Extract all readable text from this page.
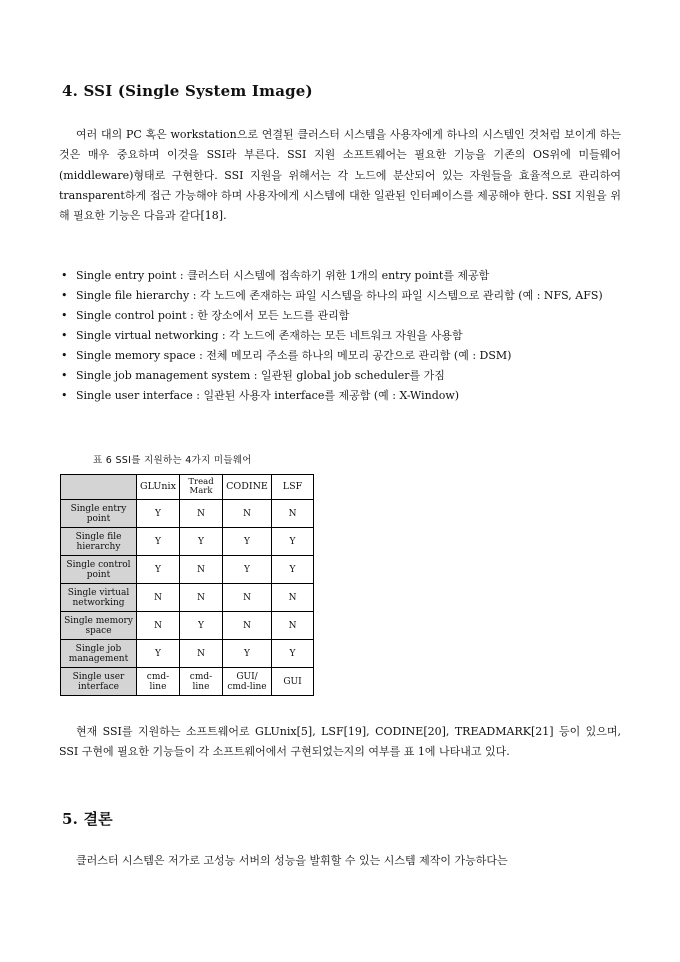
4. SSI (Single System Image)

여러 대의 PC 혹은 workstation으로 연결된 클러스터 시스템을 사용자에게 하나의 시스템인 것처럼 보이게 하는 것은 매우 중요하며 이것을 SSI라 부른다. SSI 지원 소프트웨어는 필요한 기능을 기존의 OS위에 미들웨어(middleware)형태로 구현한다. SSI 지원을 위해서는 각 노드에 분산되어 있는 자원들을 효율적으로 관리하여 transparent하게 접근 가능해야 하며 사용자에게 시스템에 대한 일관된 인터페이스를 제공해야 한다. SSI 지원을 위해 필요한 기능은 다음과 같다[18].

• Single entry point : 클러스터 시스템에 접속하기 위한 1개의 entry point를 제공함
• Single file hierarchy : 각 노드에 존재하는 파일 시스템을 하나의 파일 시스템으로 관리함 (예 : NFS, AFS)
• Single control point : 한 장소에서 모든 노드를 관리함
• Single virtual networking : 각 노드에 존재하는 모든 네트워크 자원을 사용함
• Single memory space : 전체 메모리 주소를 하나의 메모리 공간으로 관리함 (예 : DSM)
• Single job management system : 일관된 global job scheduler를 가짐
• Single user interface : 일관된 사용자 interface를 제공함 (예 : X-Window)
표 6 SSI를 지원하는 4가지 미들웨어
	GLUnix	Tread Mark	CODINE	LSF
Single entry point	Y	N	N	N
Single file hierarchy	Y	Y	Y	Y
Single control point	Y	N	Y	Y
Single virtual networking	N	N	N	N
Single memory space	N	Y	N	N
Single job management	Y	N	Y	Y
Single user interface	cmd-line	cmd-line	GUI/ cmd-line	GUI

현재 SSI를 지원하는 소프트웨어로 GLUnix[5], LSF[19], CODINE[20], TREADMARK[21] 등이 있으며, SSI 구현에 필요한 기능들이 각 소프트웨어에서 구현되었는지의 여부를 표 1에 나타내고 있다.

5. 결론

클러스터 시스템은 저가로 고성능 서버의 성능을 발휘할 수 있는 시스템 제작이 가능하다는
